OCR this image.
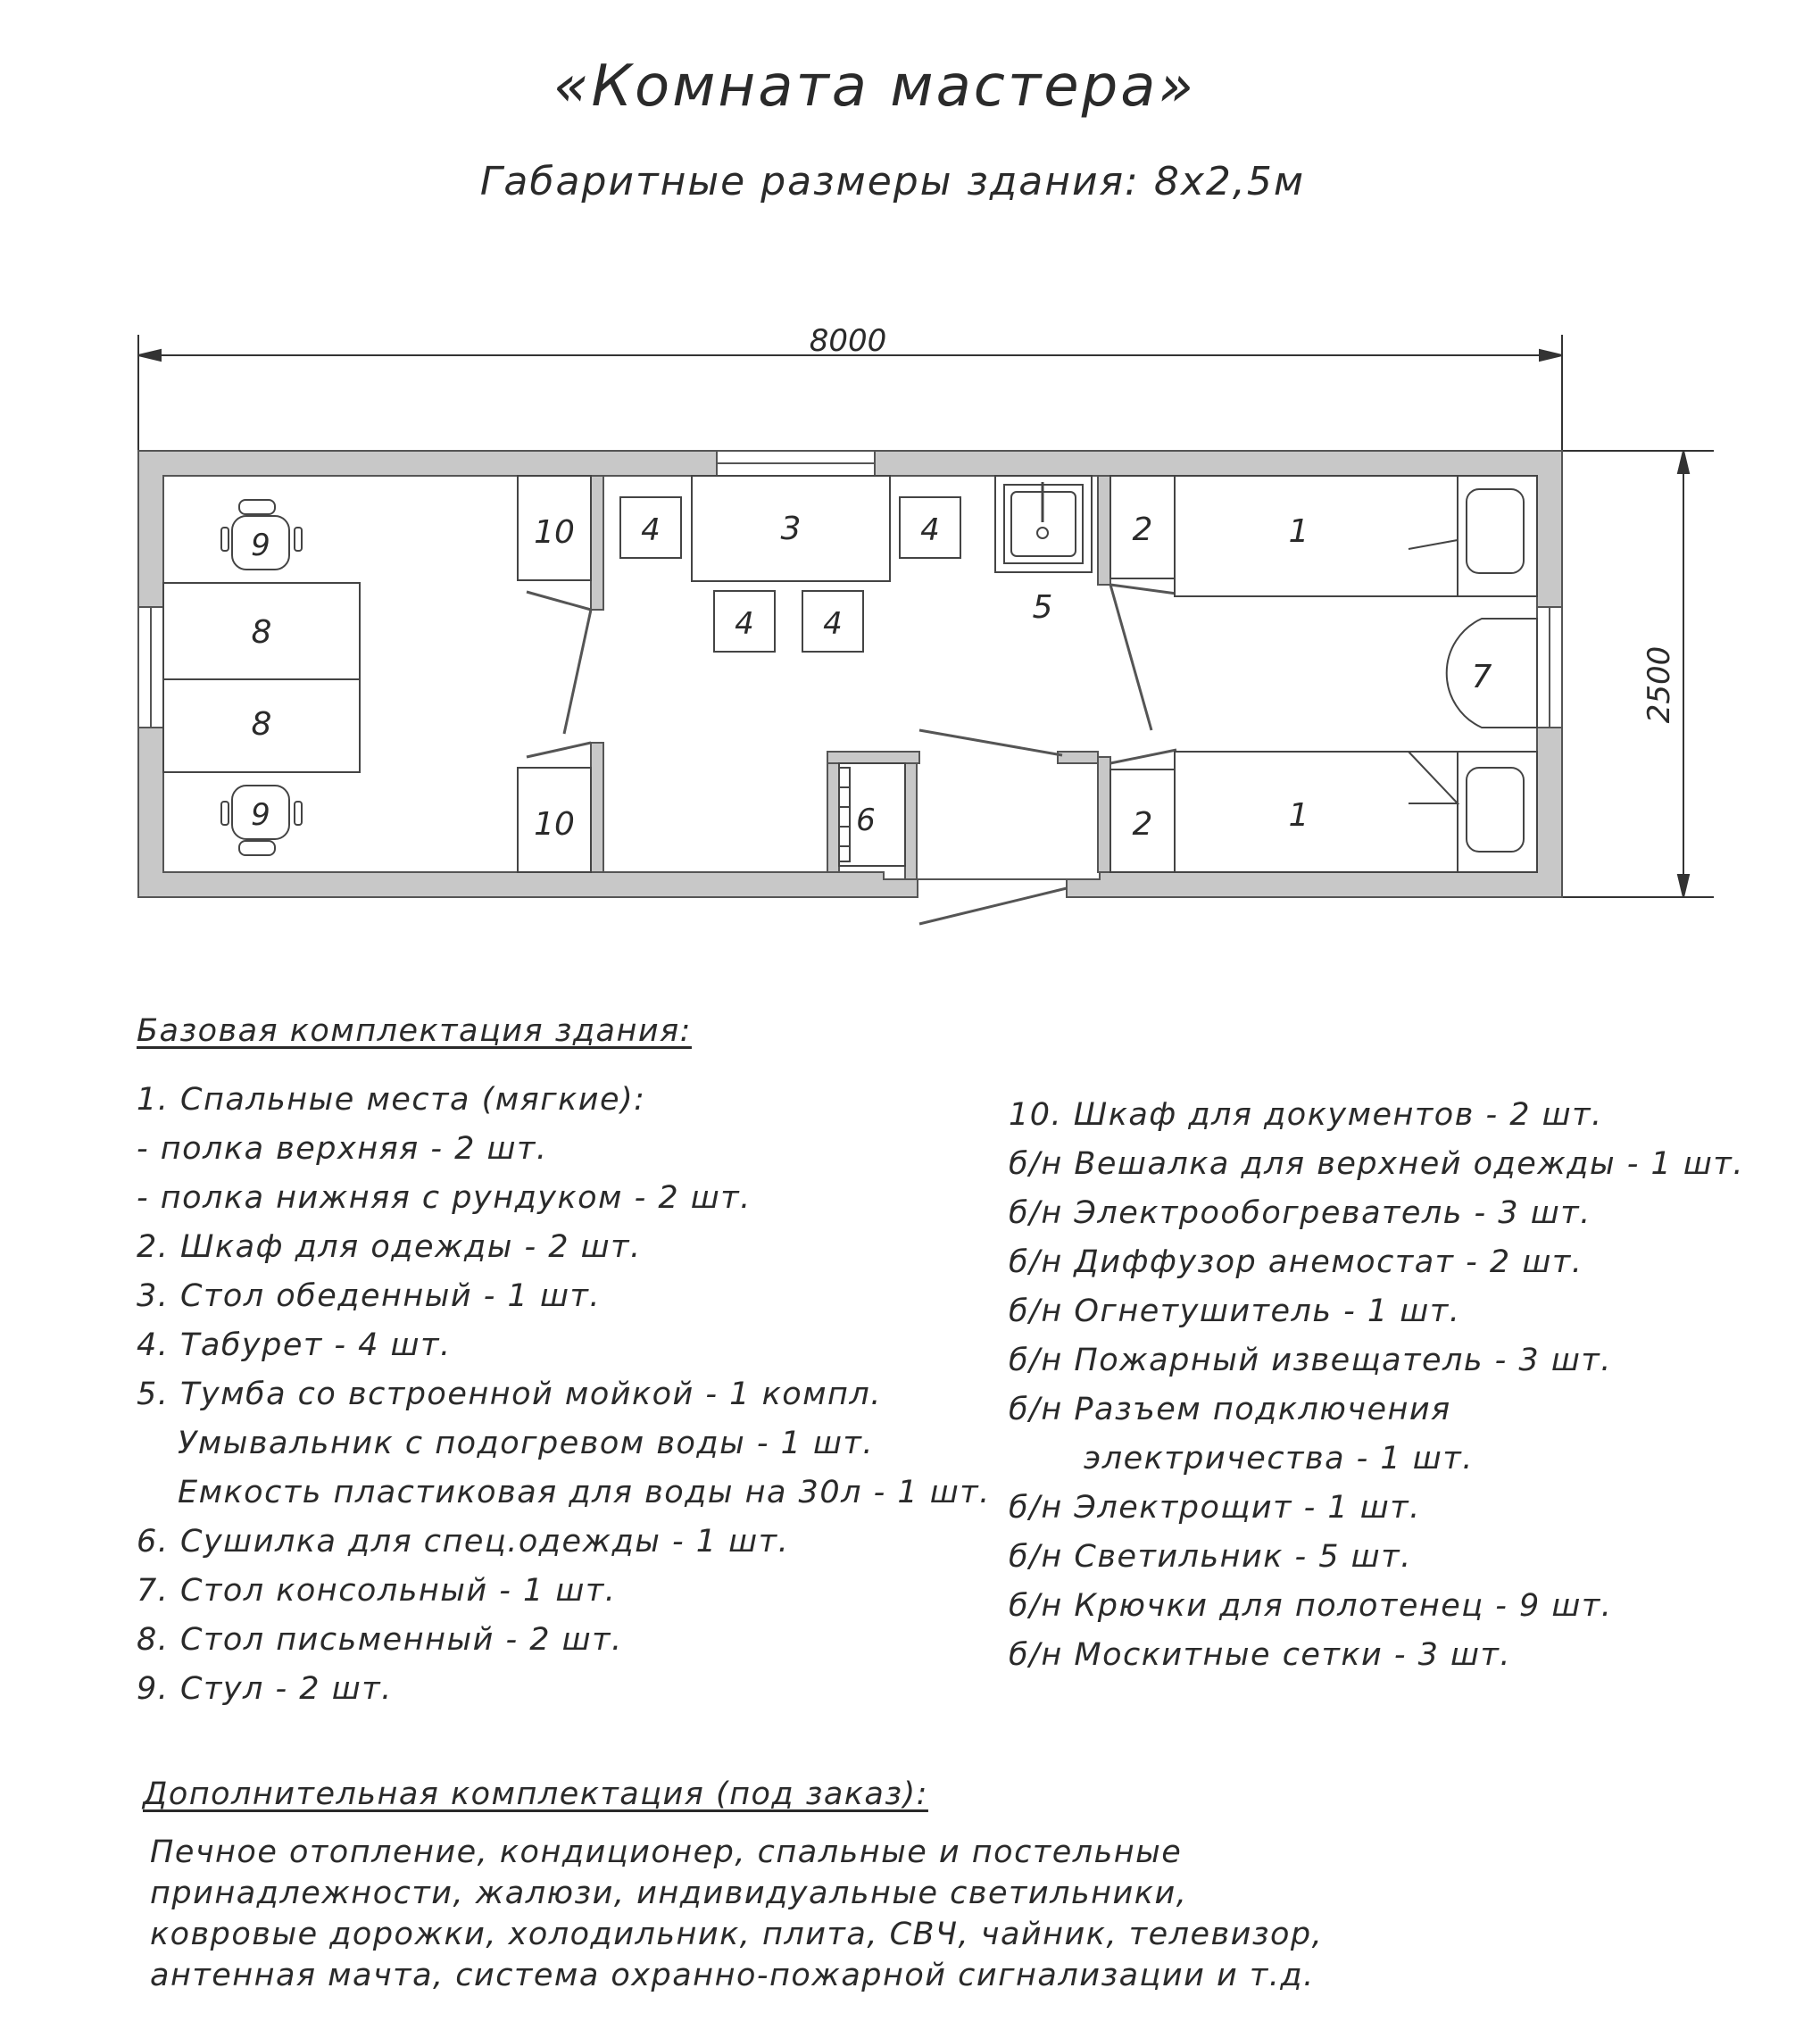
«Комната мастера»
Габаритные размеры здания: 8х2,5м
8000
2500
10
10
8
8
9
9
3
4	4
4 4	5
6
2
2
1
1
7
Базовая комплектация здания:
1. Спальные места (мягкие):
- полка верхняя - 2 шт.
- полка нижняя с рундуком - 2 шт.
2. Шкаф для одежды - 2 шт.
3. Стол обеденный - 1 шт.
4. Табурет - 4 шт.
5. Тумба со встроенной мойкой - 1 компл.
Умывальник с подогревом воды - 1 шт.
Емкость пластиковая для воды на 30л - 1 шт.
6. Сушилка для спец.одежды - 1 шт.
7. Стол консольный - 1 шт.
8. Стол письменный - 2 шт.
9. Стул - 2 шт.
10. Шкаф для документов - 2 шт.
б/н Вешалка для верхней одежды - 1 шт.
б/н Электрообогреватель - 3 шт.
б/н Диффузор анемостат - 2 шт.
б/н Огнетушитель - 1 шт.
б/н Пожарный извещатель - 3 шт.
б/н Разъем подключения
электричества - 1 шт.
б/н Электрощит - 1 шт.
б/н Светильник - 5 шт.
б/н Крючки для полотенец - 9 шт.
б/н Москитные сетки - 3 шт.
Дополнительная комплектация (под заказ):
Печное отопление, кондиционер, спальные и постельные
принадлежности, жалюзи, индивидуальные светильники,
ковровые дорожки, холодильник, плита, СВЧ, чайник, телевизор,
антенная мачта, система охранно-пожарной сигнализации и т.д.
